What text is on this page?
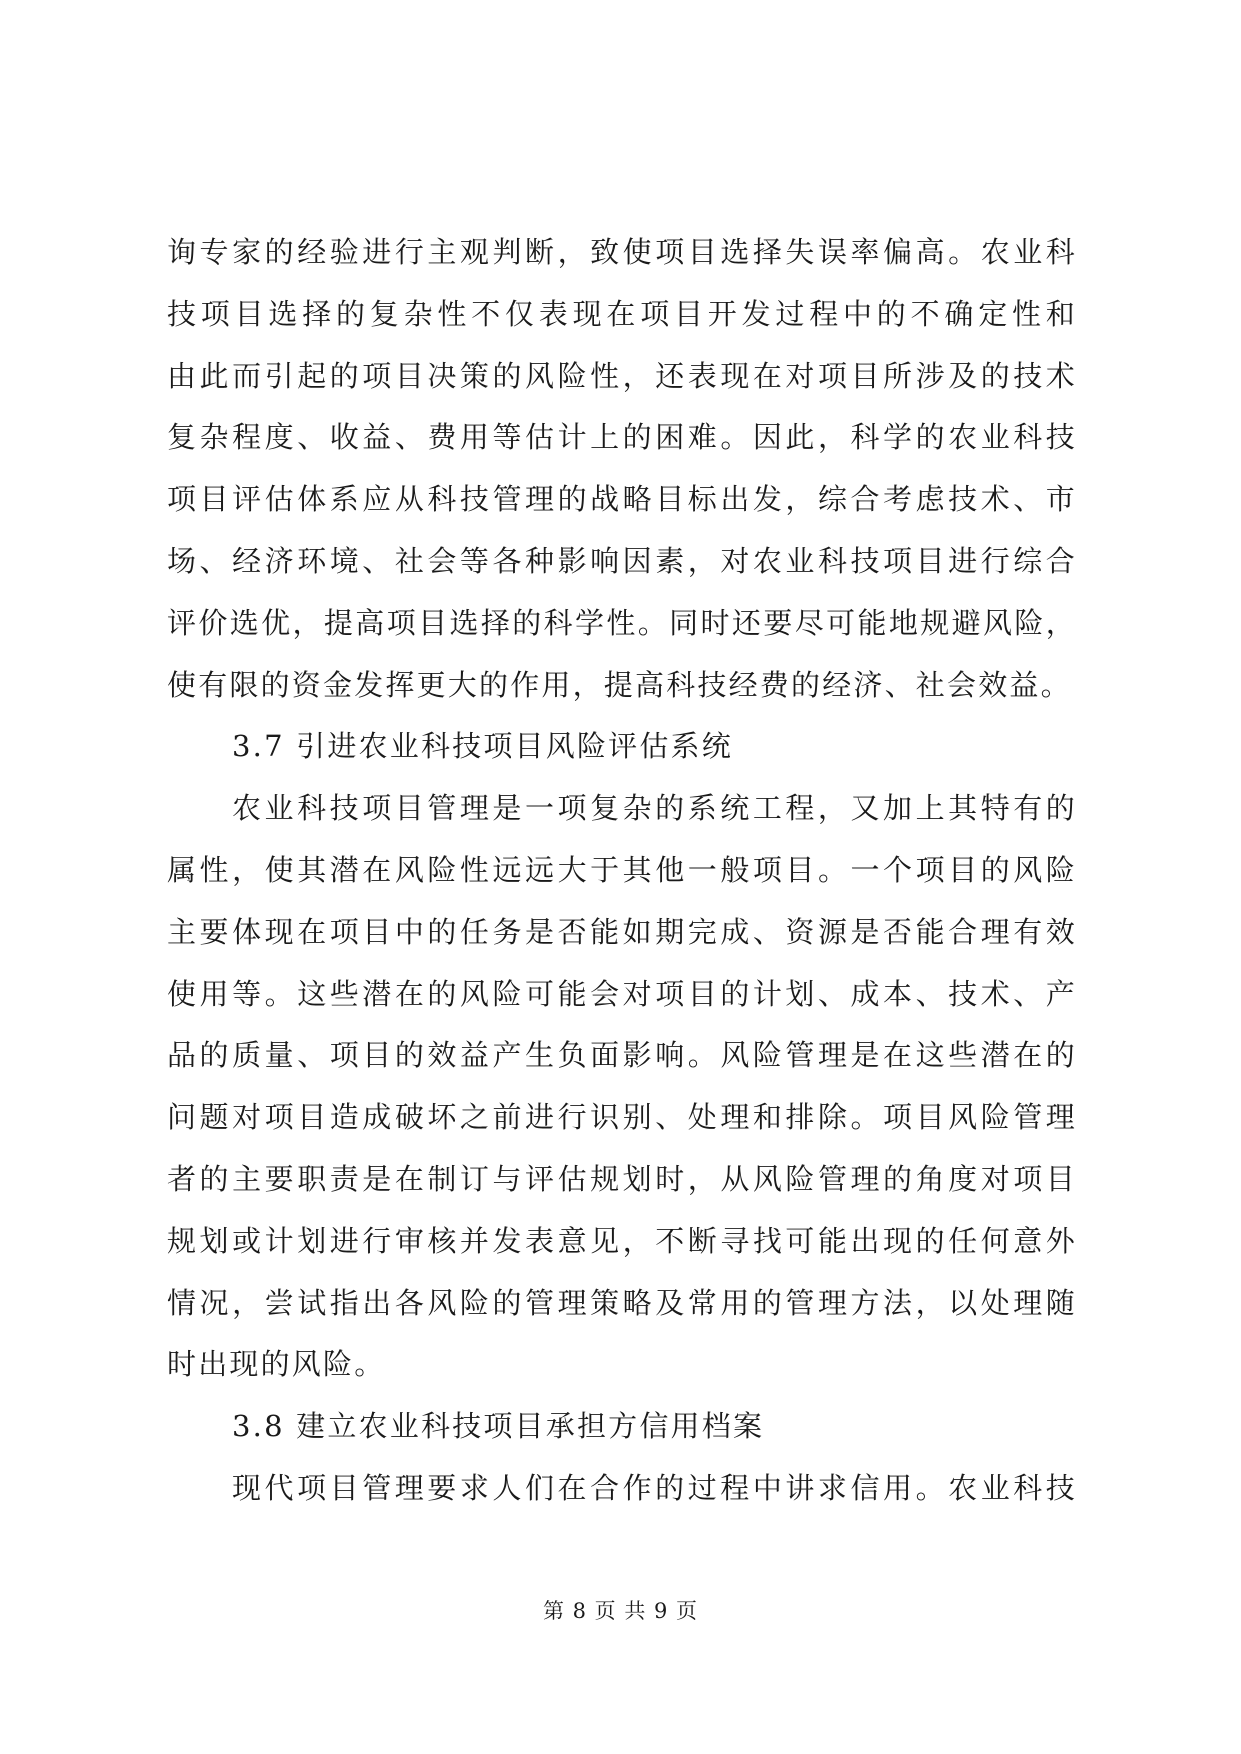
询专家的经验进行主观判断，致使项目选择失误率偏高。农业科
技项目选择的复杂性不仅表现在项目开发过程中的不确定性和
由此而引起的项目决策的风险性，还表现在对项目所涉及的技术
复杂程度、收益、费用等估计上的困难。因此，科学的农业科技
项目评估体系应从科技管理的战略目标出发，综合考虑技术、市
场、经济环境、社会等各种影响因素，对农业科技项目进行综合
评价选优，提高项目选择的科学性。同时还要尽可能地规避风险，
使有限的资金发挥更大的作用，提高科技经费的经济、社会效益。
3.7 引进农业科技项目风险评估系统
农业科技项目管理是一项复杂的系统工程，又加上其特有的
属性，使其潜在风险性远远大于其他一般项目。一个项目的风险
主要体现在项目中的任务是否能如期完成、资源是否能合理有效
使用等。这些潜在的风险可能会对项目的计划、成本、技术、产
品的质量、项目的效益产生负面影响。风险管理是在这些潜在的
问题对项目造成破坏之前进行识别、处理和排除。项目风险管理
者的主要职责是在制订与评估规划时，从风险管理的角度对项目
规划或计划进行审核并发表意见，不断寻找可能出现的任何意外
情况，尝试指出各风险的管理策略及常用的管理方法，以处理随
时出现的风险。
3.8 建立农业科技项目承担方信用档案
现代项目管理要求人们在合作的过程中讲求信用。农业科技
第 8 页 共 9 页
